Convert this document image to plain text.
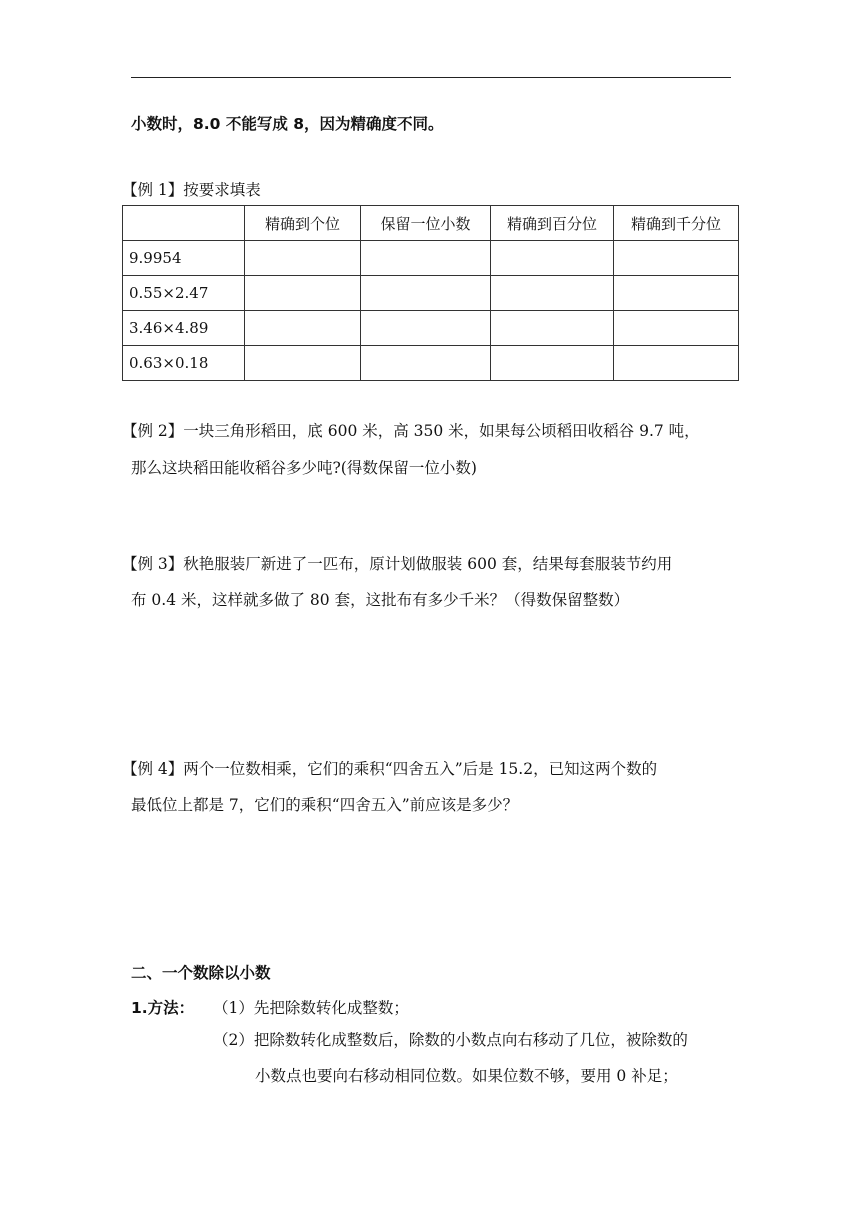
小数时，8.0 不能写成 8，因为精确度不同。
【例 1】按要求填表
	精确到个位	保留一位小数	精确到百分位	精确到千分位
9.9954				
0.55×2.47				
3.46×4.89				
0.63×0.18				
【例 2】一块三角形稻田，底 600 米，高 350 米，如果每公顷稻田收稻谷 9.7 吨，
那么这块稻田能收稻谷多少吨?(得数保留一位小数)
【例 3】秋艳服装厂新进了一匹布，原计划做服装 600 套，结果每套服装节约用
布 0.4 米，这样就多做了 80 套，这批布有多少千米？（得数保留整数）
【例 4】两个一位数相乘，它们的乘积“四舍五入”后是 15.2，已知这两个数的
最低位上都是 7，它们的乘积“四舍五入”前应该是多少？
二、一个数除以小数
1.方法： （1）先把除数转化成整数；
（2）把除数转化成整数后，除数的小数点向右移动了几位，被除数的
小数点也要向右移动相同位数。如果位数不够，要用 0 补足；
